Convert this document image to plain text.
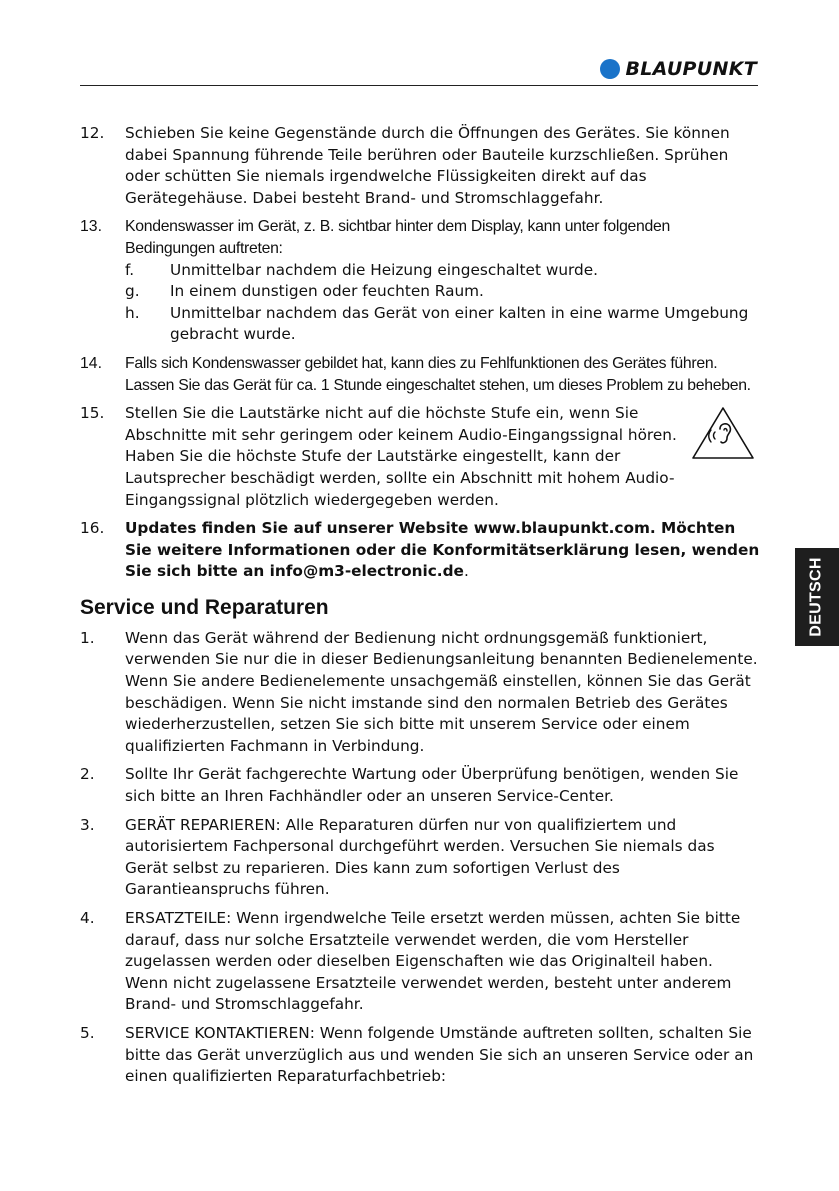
BLAUPUNKT
12.	Schieben Sie keine Gegenstände durch die Öffnungen des Gerätes. Sie können dabei Spannung führende Teile berühren oder Bauteile kurzschließen. Sprühen oder schütten Sie niemals irgendwelche Flüssigkeiten direkt auf das Gerätegehäuse. Dabei besteht Brand- und Stromschlaggefahr.
13.	Kondenswasser im Gerät, z. B. sichtbar hinter dem Display, kann unter folgenden Bedingungen auftreten:
f.	Unmittelbar nachdem die Heizung eingeschaltet wurde.
g.	In einem dunstigen oder feuchten Raum.
h.	Unmittelbar nachdem das Gerät von einer kalten in eine warme Umgebung gebracht wurde.
14.	Falls sich Kondenswasser gebildet hat, kann dies zu Fehlfunktionen des Gerätes führen. Lassen Sie das Gerät für ca. 1 Stunde eingeschaltet stehen, um dieses Problem zu beheben.
15.	Stellen Sie die Lautstärke nicht auf die höchste Stufe ein, wenn Sie Abschnitte mit sehr geringem oder keinem Audio-Eingangssignal hören. Haben Sie die höchste Stufe der Lautstärke eingestellt, kann der Lautsprecher beschädigt werden, sollte ein Abschnitt mit hohem Audio-Eingangssignal plötzlich wiedergegeben werden.
16.	Updates finden Sie auf unserer Website www.blaupunkt.com. Möchten Sie weitere Informationen oder die Konformitätserklärung lesen, wenden Sie sich bitte an info@m3-electronic.de.
Service und Reparaturen
1.	Wenn das Gerät während der Bedienung nicht ordnungsgemäß funktioniert, verwenden Sie nur die in dieser Bedienungsanleitung benannten Bedienelemente. Wenn Sie andere Bedienelemente unsachgemäß einstellen, können Sie das Gerät beschädigen. Wenn Sie nicht imstande sind den normalen Betrieb des Gerätes wiederherzustellen, setzen Sie sich bitte mit unserem Service oder einem qualifizierten Fachmann in Verbindung.
2.	Sollte Ihr Gerät fachgerechte Wartung oder Überprüfung benötigen, wenden Sie sich bitte an Ihren Fachhändler oder an unseren Service-Center.
3.	GERÄT REPARIEREN: Alle Reparaturen dürfen nur von qualifiziertem und autorisiertem Fachpersonal durchgeführt werden. Versuchen Sie niemals das Gerät selbst zu reparieren. Dies kann zum sofortigen Verlust des Garantieanspruchs führen.
4.	ERSATZTEILE: Wenn irgendwelche Teile ersetzt werden müssen, achten Sie bitte darauf, dass nur solche Ersatzteile verwendet werden, die vom Hersteller zugelassen werden oder dieselben Eigenschaften wie das Originalteil haben. Wenn nicht zugelassene Ersatzteile verwendet werden, besteht unter anderem Brand- und Stromschlaggefahr.
5.	SERVICE KONTAKTIEREN: Wenn folgende Umstände auftreten sollten, schalten Sie bitte das Gerät unverzüglich aus und wenden Sie sich an unseren Service oder an einen qualifizierten Reparaturfachbetrieb:
DEUTSCH
